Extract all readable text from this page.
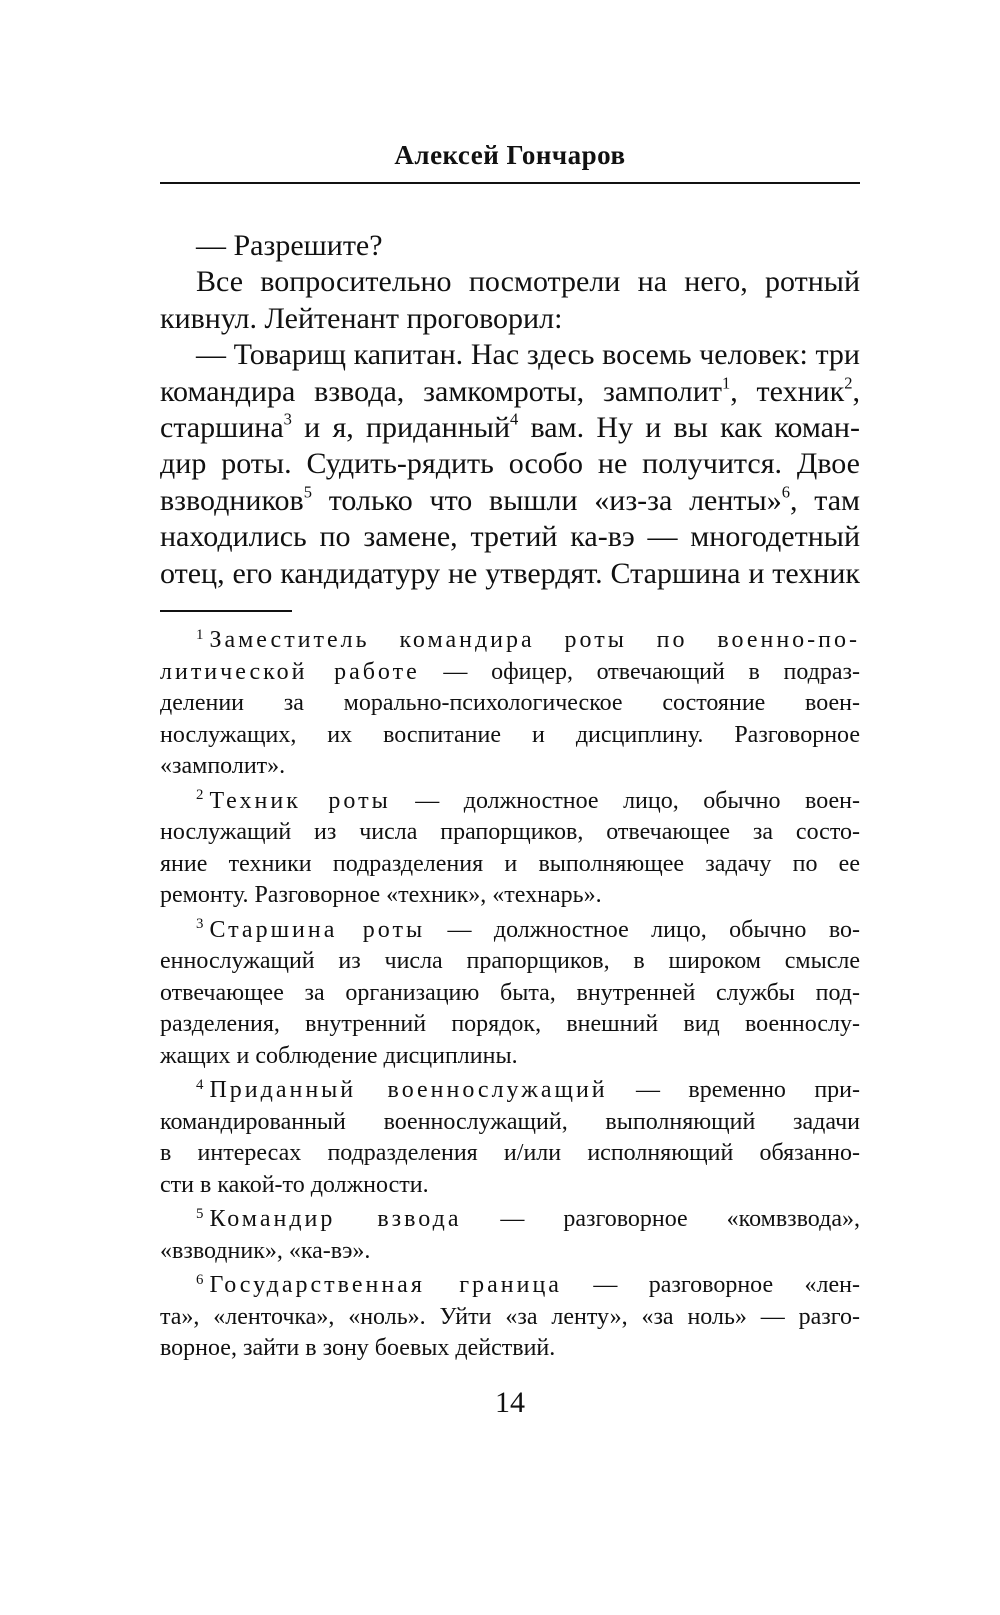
Алексей Гончаров
— Разрешите?
Все вопросительно посмотрели на него, ротный
кивнул. Лейтенант проговорил:
— Товарищ капитан. Нас здесь восемь человек: три
командира взвода, замкомроты, замполит$^1$, техник$^2$,
старшина$^3$ и я, приданный$^4$ вам. Ну и вы как коман-
дир роты. Судить-рядить особо не получится. Двое
взводников$^5$ только что вышли «из-за ленты»$^6$, там
находились по замене, третий ка-вэ — многодетный
отец, его кандидатуру не утвердят. Старшина и техник
$^1$ Заместитель командира роты по военно-по-
литической работе — офицер, отвечающий в подраз-
делении за морально-психологическое состояние воен-
нослужащих, их воспитание и дисциплину. Разговорное
«замполит».
$^2$ Техник роты — должностное лицо, обычно воен-
нослужащий из числа прапорщиков, отвечающее за состо-
яние техники подразделения и выполняющее задачу по ее
ремонту. Разговорное «техник», «технарь».
$^3$ Старшина роты — должностное лицо, обычно во-
еннослужащий из числа прапорщиков, в широком смысле
отвечающее за организацию быта, внутренней службы под-
разделения, внутренний порядок, внешний вид военнослу-
жащих и соблюдение дисциплины.
$^4$ Приданный военнослужащий — временно при-
командированный военнослужащий, выполняющий задачи
в интересах подразделения и/или исполняющий обязанно-
сти в какой-то должности.
$^5$ Командир взвода — разговорное «комвзвода»,
«взводник», «ка-вэ».
$^6$ Государственная граница — разговорное «лен-
та», «ленточка», «ноль». Уйти «за ленту», «за ноль» — разго-
ворное, зайти в зону боевых действий.
14
